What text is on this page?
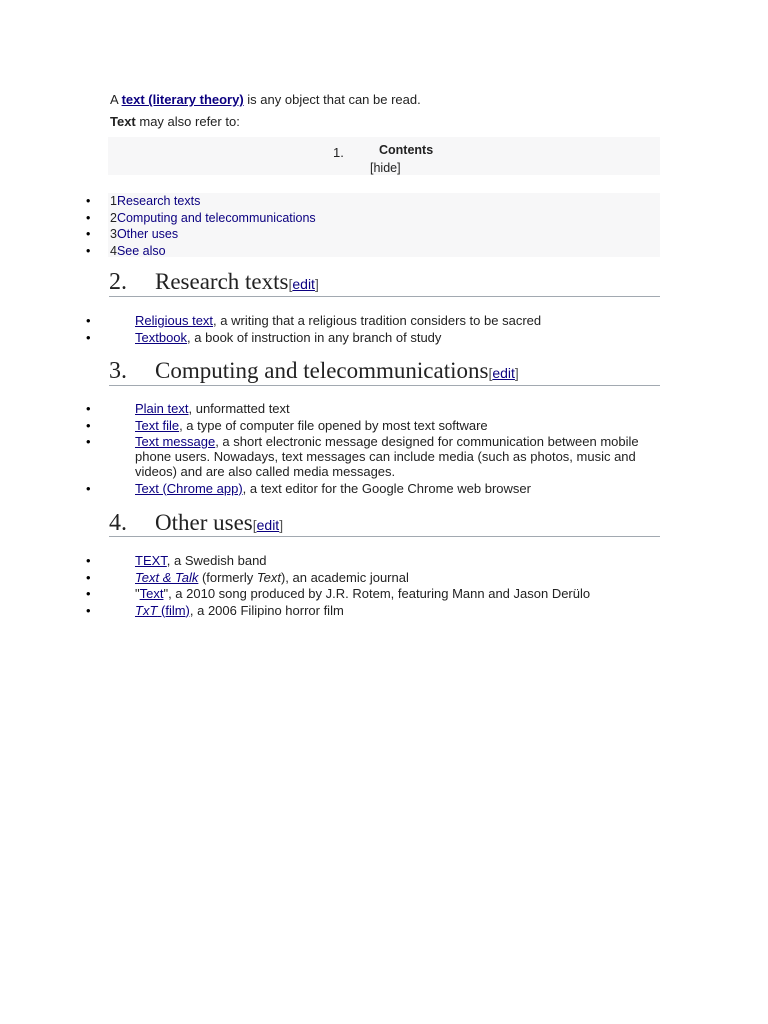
A text (literary theory) is any object that can be read.

Text may also refer to:

1.	Contents
[hide]
• 1Research texts
• 2Computing and telecommunications
• 3Other uses
• 4See also
2. Research texts[edit]
• Religious text, a writing that a religious tradition considers to be sacred
• Textbook, a book of instruction in any branch of study
3. Computing and telecommunications[edit]
• Plain text, unformatted text
• Text file, a type of computer file opened by most text software
• Text message, a short electronic message designed for communication between mobile phone users. Nowadays, text messages can include media (such as photos, music and videos) and are also called media messages.
• Text (Chrome app), a text editor for the Google Chrome web browser
4. Other uses[edit]
• TEXT, a Swedish band
• Text & Talk (formerly Text), an academic journal
• "Text", a 2010 song produced by J.R. Rotem, featuring Mann and Jason Derülo
• TxT (film), a 2006 Filipino horror film
